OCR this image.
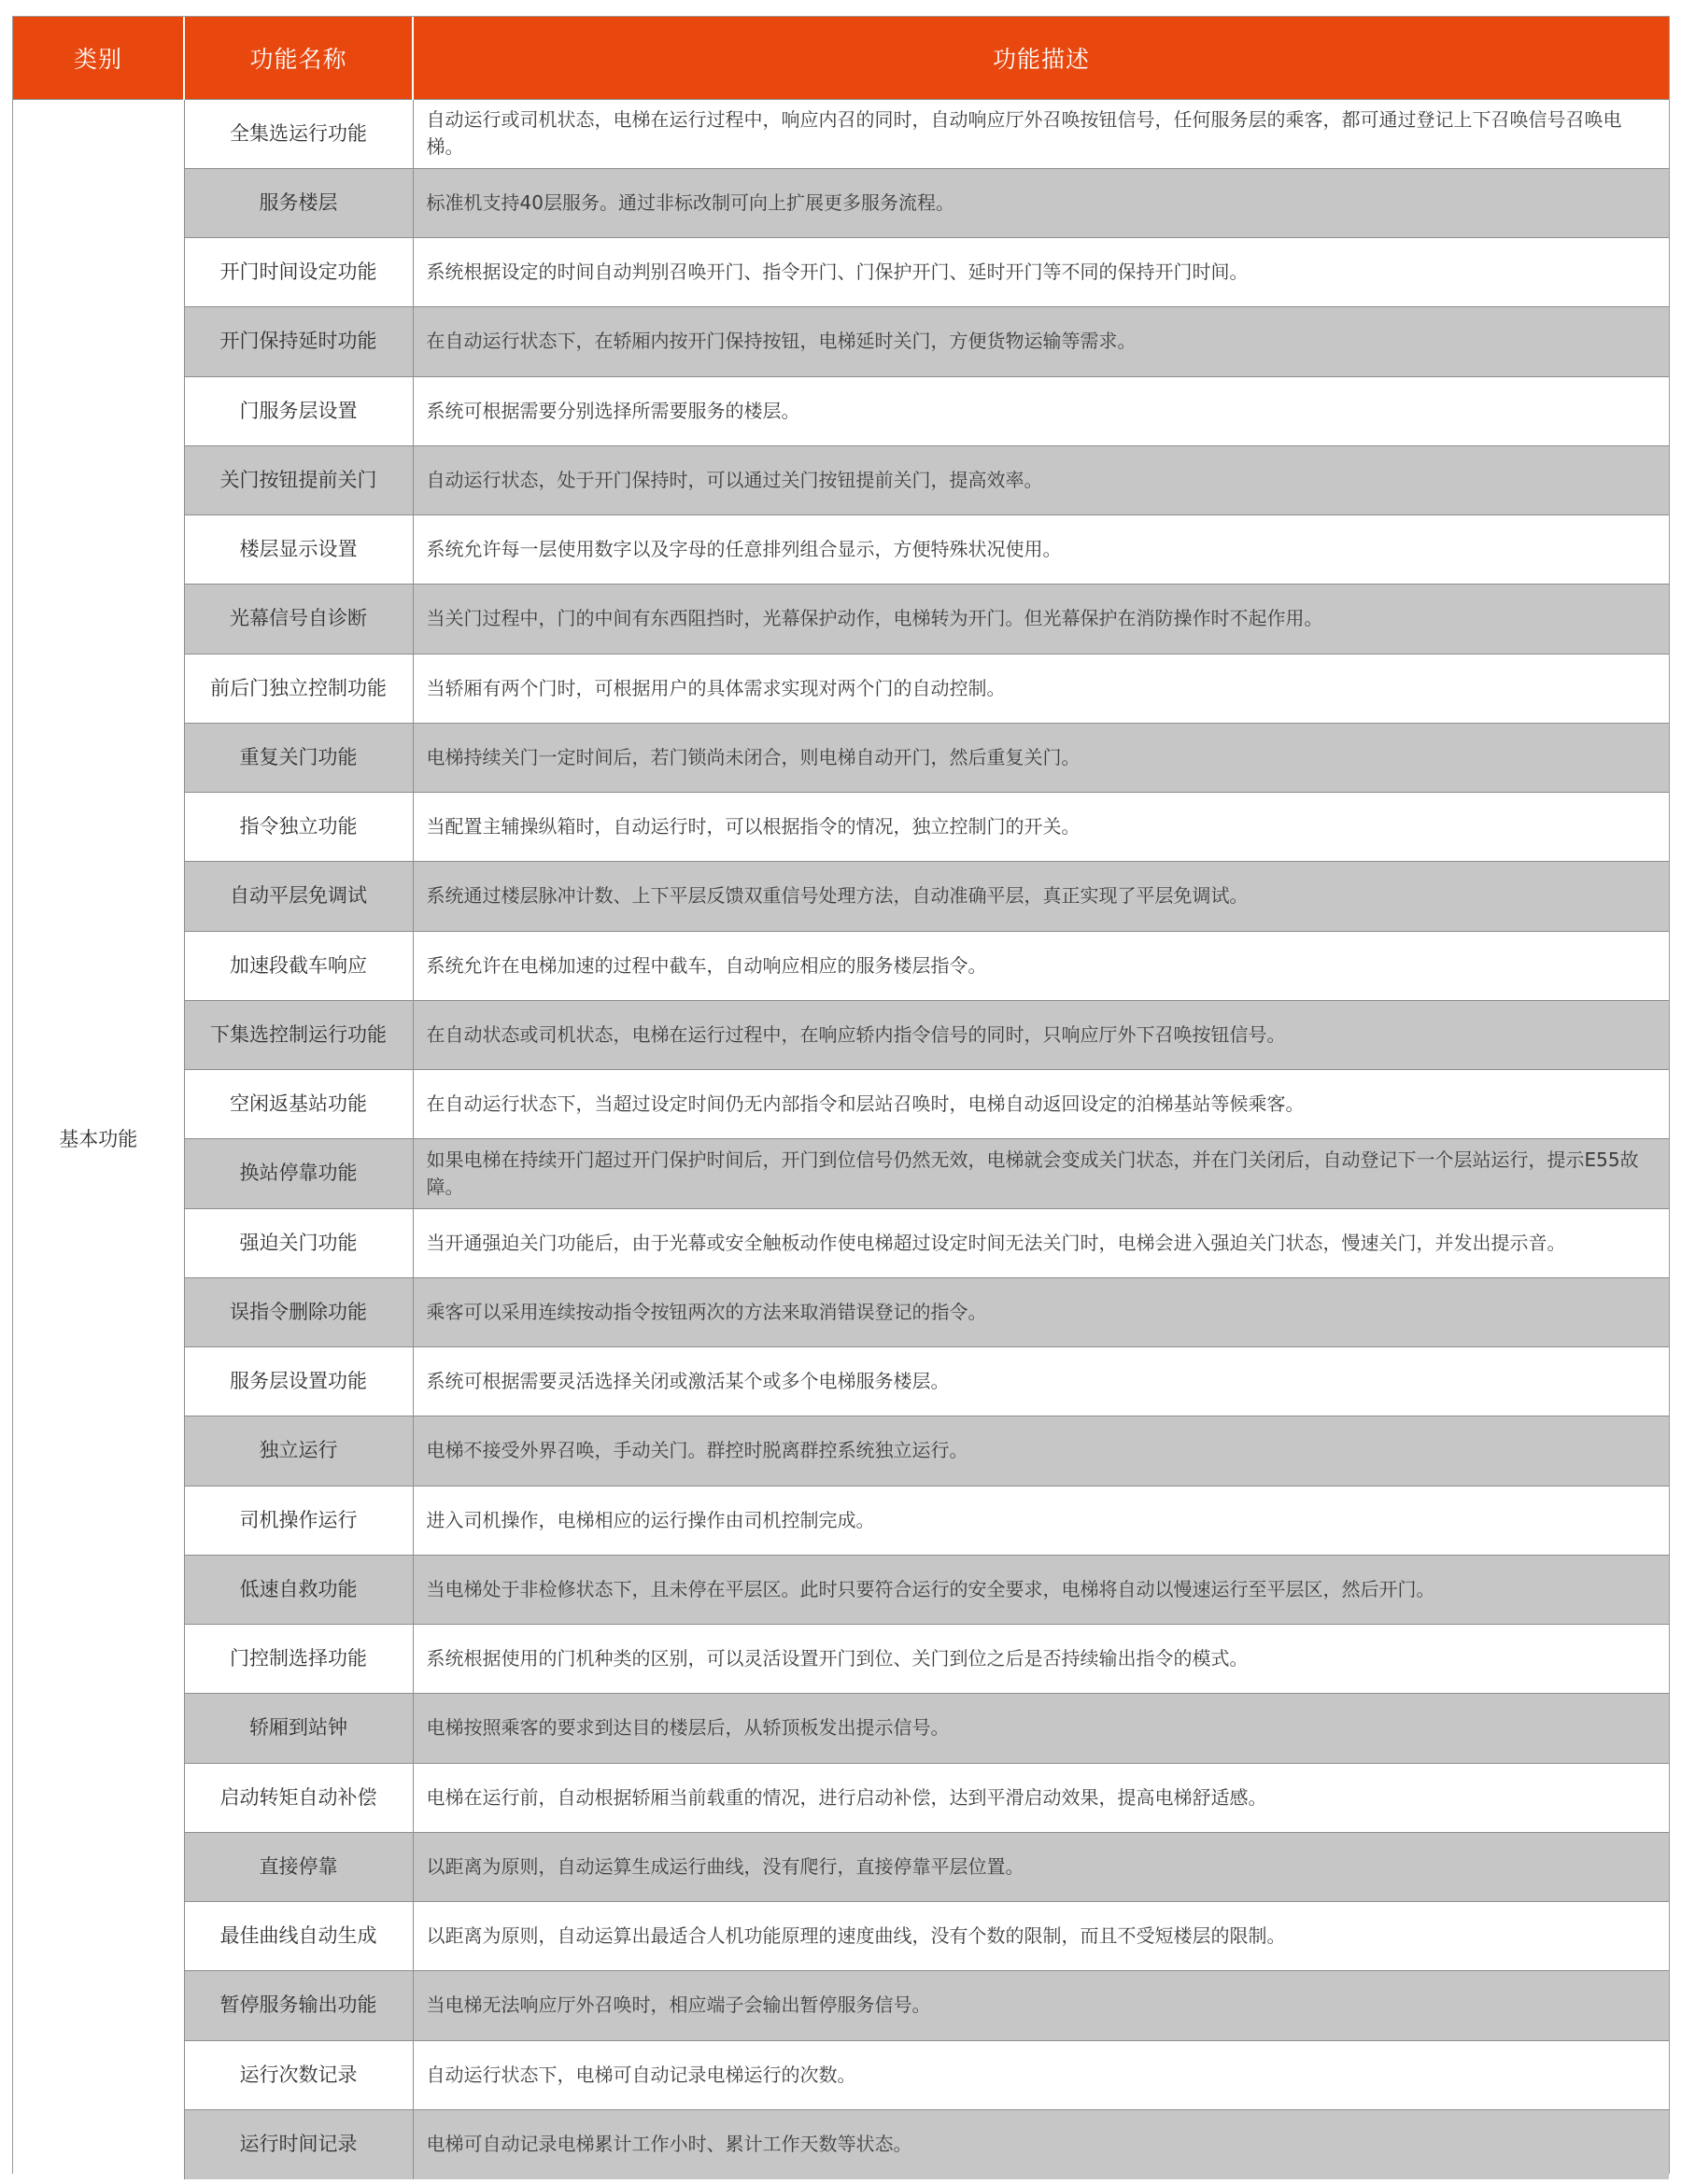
类别	功能名称	功能描述
基本功能	全集选运行功能	自动运行或司机状态，电梯在运行过程中，响应内召的同时，自动响应厅外召唤按钮信号，任何服务层的乘客，都可通过登记上下召唤信号召唤电梯。
	服务楼层	标准机支持40层服务。通过非标改制可向上扩展更多服务流程。
	开门时间设定功能	系统根据设定的时间自动判别召唤开门、指令开门、门保护开门、延时开门等不同的保持开门时间。
	开门保持延时功能	在自动运行状态下，在轿厢内按开门保持按钮，电梯延时关门，方便货物运输等需求。
	门服务层设置	系统可根据需要分别选择所需要服务的楼层。
	关门按钮提前关门	自动运行状态，处于开门保持时，可以通过关门按钮提前关门，提高效率。
	楼层显示设置	系统允许每一层使用数字以及字母的任意排列组合显示，方便特殊状况使用。
	光幕信号自诊断	当关门过程中，门的中间有东西阻挡时，光幕保护动作，电梯转为开门。但光幕保护在消防操作时不起作用。
	前后门独立控制功能	当轿厢有两个门时，可根据用户的具体需求实现对两个门的自动控制。
	重复关门功能	电梯持续关门一定时间后，若门锁尚未闭合，则电梯自动开门，然后重复关门。
	指令独立功能	当配置主辅操纵箱时，自动运行时，可以根据指令的情况，独立控制门的开关。
	自动平层免调试	系统通过楼层脉冲计数、上下平层反馈双重信号处理方法，自动准确平层，真正实现了平层免调试。
	加速段截车响应	系统允许在电梯加速的过程中截车，自动响应相应的服务楼层指令。
	下集选控制运行功能	在自动状态或司机状态，电梯在运行过程中，在响应轿内指令信号的同时，只响应厅外下召唤按钮信号。
	空闲返基站功能	在自动运行状态下，当超过设定时间仍无内部指令和层站召唤时，电梯自动返回设定的泊梯基站等候乘客。
	换站停靠功能	如果电梯在持续开门超过开门保护时间后，开门到位信号仍然无效，电梯就会变成关门状态，并在门关闭后，自动登记下一个层站运行，提示E55故障。
	强迫关门功能	当开通强迫关门功能后，由于光幕或安全触板动作使电梯超过设定时间无法关门时，电梯会进入强迫关门状态，慢速关门，并发出提示音。
	误指令删除功能	乘客可以采用连续按动指令按钮两次的方法来取消错误登记的指令。
	服务层设置功能	系统可根据需要灵活选择关闭或激活某个或多个电梯服务楼层。
	独立运行	电梯不接受外界召唤，手动关门。群控时脱离群控系统独立运行。
	司机操作运行	进入司机操作，电梯相应的运行操作由司机控制完成。
	低速自救功能	当电梯处于非检修状态下，且未停在平层区。此时只要符合运行的安全要求，电梯将自动以慢速运行至平层区，然后开门。
	门控制选择功能	系统根据使用的门机种类的区别，可以灵活设置开门到位、关门到位之后是否持续输出指令的模式。
	轿厢到站钟	电梯按照乘客的要求到达目的楼层后，从轿顶板发出提示信号。
	启动转矩自动补偿	电梯在运行前，自动根据轿厢当前载重的情况，进行启动补偿，达到平滑启动效果，提高电梯舒适感。
	直接停靠	以距离为原则，自动运算生成运行曲线，没有爬行，直接停靠平层位置。
	最佳曲线自动生成	以距离为原则，自动运算出最适合人机功能原理的速度曲线，没有个数的限制，而且不受短楼层的限制。
	暂停服务输出功能	当电梯无法响应厅外召唤时，相应端子会输出暂停服务信号。
	运行次数记录	自动运行状态下，电梯可自动记录电梯运行的次数。
	运行时间记录	电梯可自动记录电梯累计工作小时、累计工作天数等状态。
